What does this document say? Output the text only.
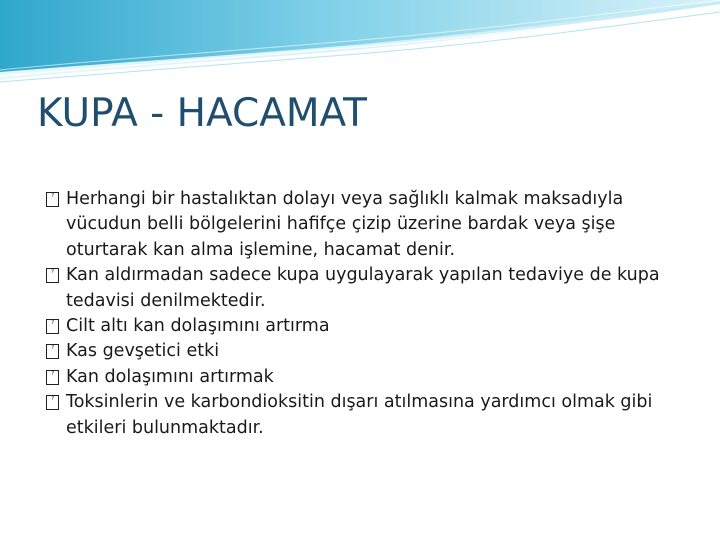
KUPA - HACAMAT
? Herhangi bir hastalıktan dolayı veya sağlıklı kalmak maksadıyla vücudun belli bölgelerini hafifçe çizip üzerine bardak veya şişe oturtarak kan alma işlemine, hacamat denir.
? Kan aldırmadan sadece kupa uygulayarak yapılan tedaviye de kupa tedavisi denilmektedir.
? Cilt altı kan dolaşımını artırma
? Kas gevşetici etki
? Kan dolaşımını artırmak
? Toksinlerin ve karbondioksitin dışarı atılmasına yardımcı olmak gibi etkileri bulunmaktadır.
